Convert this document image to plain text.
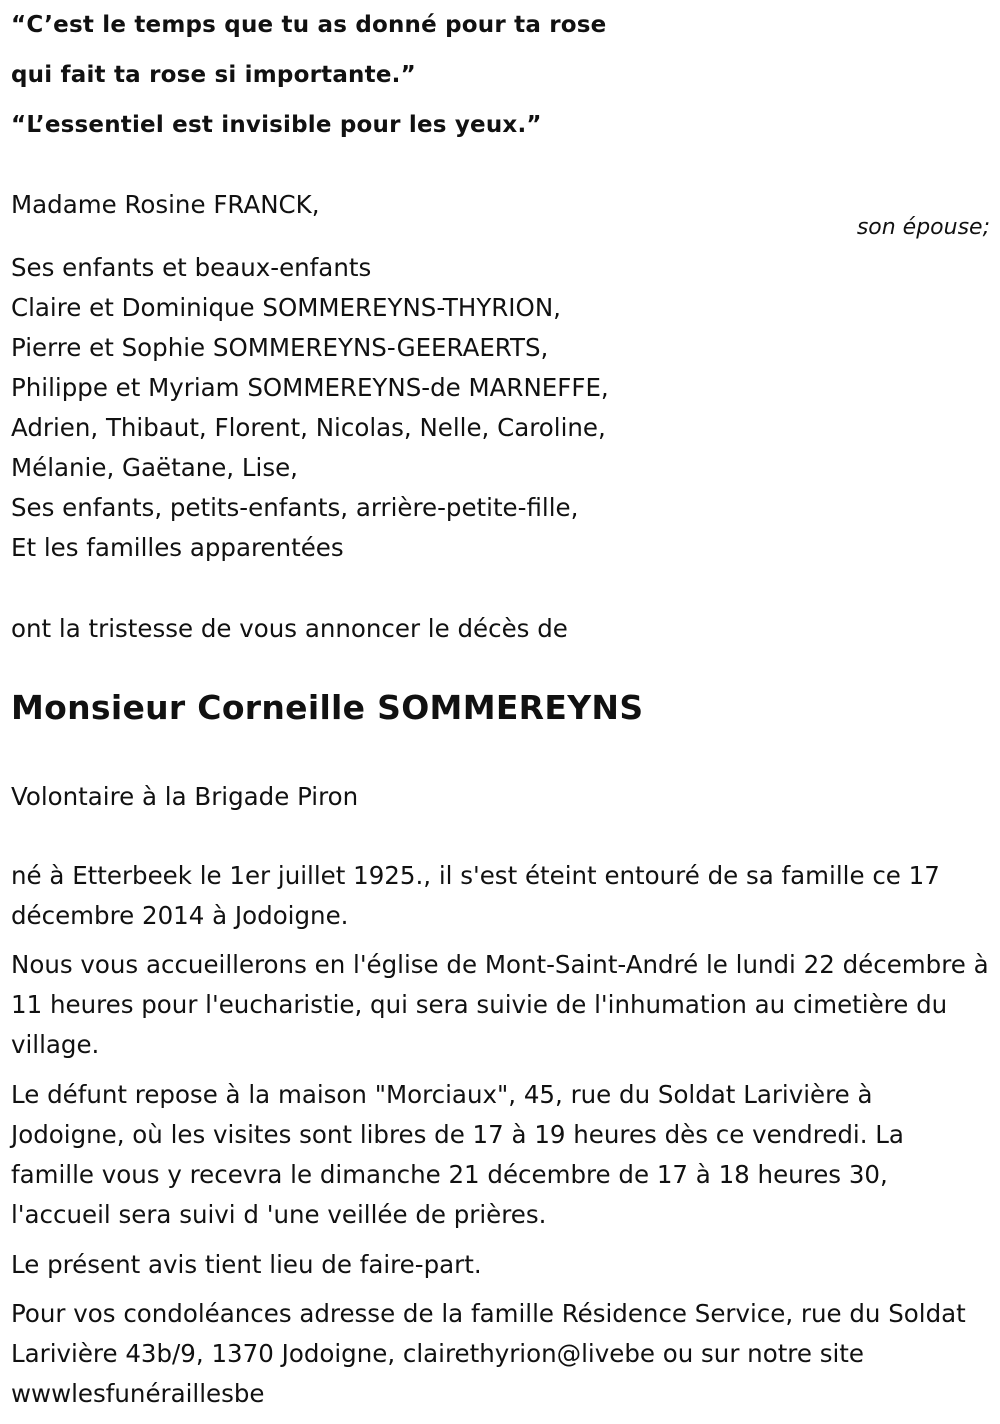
“C’est le temps que tu as donné pour ta rose
qui fait ta rose si importante.”
“L’essentiel est invisible pour les yeux.”
Madame Rosine FRANCK,
son épouse;
Ses enfants et beaux-enfants
Claire et Dominique SOMMEREYNS-THYRION,
Pierre et Sophie SOMMEREYNS-GEERAERTS,
Philippe et Myriam SOMMEREYNS-de MARNEFFE,
Adrien, Thibaut, Florent, Nicolas, Nelle, Caroline,
Mélanie, Gaëtane, Lise,
Ses enfants, petits-enfants, arrière-petite-fille,
Et les familles apparentées
ont la tristesse de vous annoncer le décès de
Monsieur Corneille SOMMEREYNS
Volontaire à la Brigade Piron
né à Etterbeek le 1er juillet 1925., il s'est éteint entouré de sa famille ce 17 décembre 2014 à Jodoigne.
Nous vous accueillerons en l'église de Mont-Saint-André le lundi 22 décembre à 11 heures pour l'eucharistie, qui sera suivie de l'inhumation au cimetière du village.
Le défunt repose à la maison "Morciaux", 45, rue du Soldat Larivière à Jodoigne, où les visites sont libres de 17 à 19 heures dès ce vendredi. La famille vous y recevra le dimanche 21 décembre de 17 à 18 heures 30, l'accueil sera suivi d 'une veillée de prières.
Le présent avis tient lieu de faire-part.
Pour vos condoléances adresse de la famille Résidence Service, rue du Soldat Larivière 43b/9, 1370 Jodoigne, clairethyrion@livebe ou sur notre site wwwlesfunéraillesbe
